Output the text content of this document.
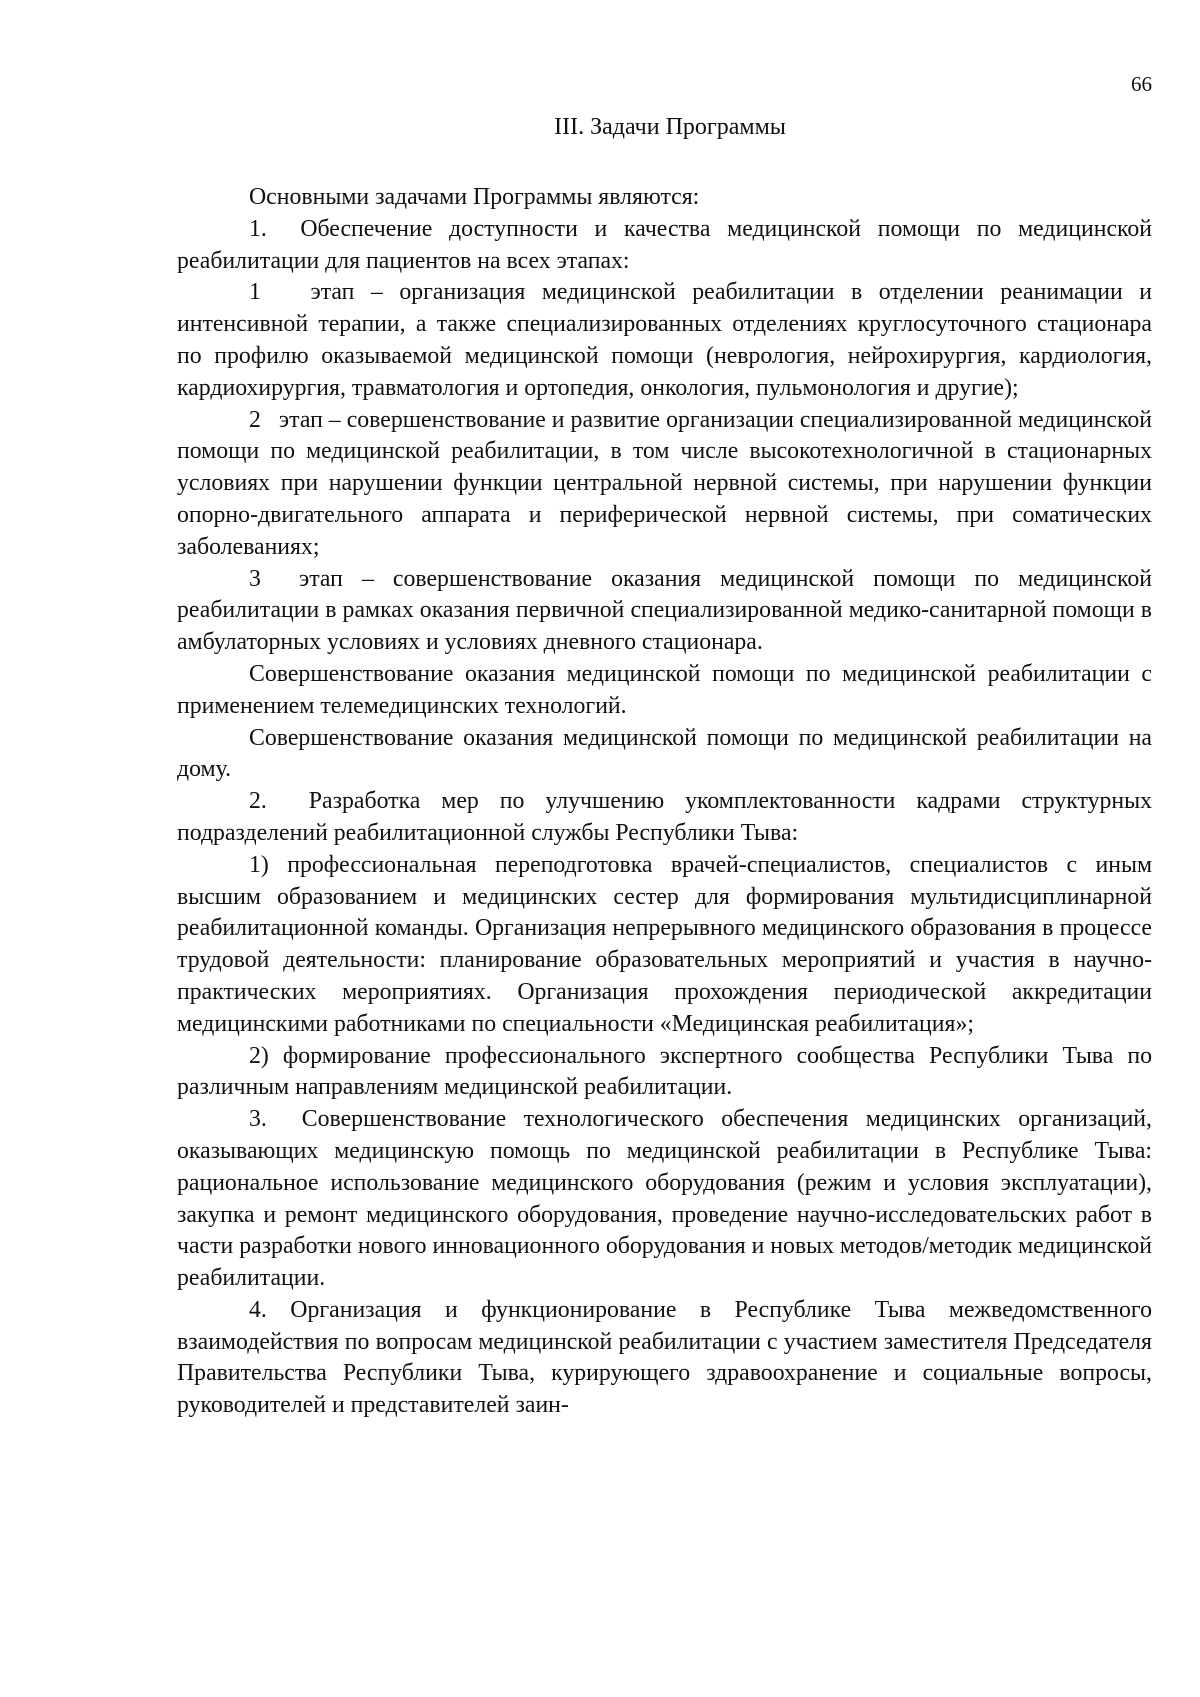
66
III. Задачи Программы

Основными задачами Программы являются:

1.  Обеспечение доступности и качества медицинской помощи по медицинской реабилитации для пациентов на всех этапах:

1   этап – организация медицинской реабилитации в отделении реанимации и интенсивной терапии, а также специализированных отделениях круглосуточного стационара по профилю оказываемой медицинской помощи (неврология, нейрохирургия, кардиология, кардиохирургия, травматология и ортопедия, онкология, пульмонология и другие);

2   этап – совершенствование и развитие организации специализированной медицинской помощи по медицинской реабилитации, в том числе высокотехнологичной в стационарных условиях при нарушении функции центральной нервной системы, при нарушении функции опорно-двигательного аппарата и периферической нервной системы, при соматических заболеваниях;

3  этап – совершенствование оказания медицинской помощи по медицинской реабилитации в рамках оказания первичной специализированной медико-санитарной помощи в амбулаторных условиях и условиях дневного стационара.

Совершенствование оказания медицинской помощи по медицинской реабилитации с применением телемедицинских технологий.

Совершенствование оказания медицинской помощи по медицинской реабилитации на дому.

2.  Разработка мер по улучшению укомплектованности кадрами структурных подразделений реабилитационной службы Республики Тыва:

1) профессиональная переподготовка врачей-специалистов, специалистов с иным высшим образованием и медицинских сестер для формирования мультидисциплинарной реабилитационной команды. Организация непрерывного медицинского образования в процессе трудовой деятельности: планирование образовательных мероприятий и участия в научно-практических мероприятиях. Организация прохождения периодической аккредитации медицинскими работниками по специальности «Медицинская реабилитация»;

2) формирование профессионального экспертного сообщества Республики Тыва по различным направлениям медицинской реабилитации.

3.  Совершенствование технологического обеспечения медицинских организаций, оказывающих медицинскую помощь по медицинской реабилитации в Республике Тыва: рациональное использование медицинского оборудования (режим и условия эксплуатации), закупка и ремонт медицинского оборудования, проведение научно-исследовательских работ в части разработки нового инновационного оборудования и новых методов/методик медицинской реабилитации.

4. Организация и функционирование в Республике Тыва межведомственного взаимодействия по вопросам медицинской реабилитации с участием заместителя Председателя Правительства Республики Тыва, курирующего здравоохранение и социальные вопросы, руководителей и представителей заин-
